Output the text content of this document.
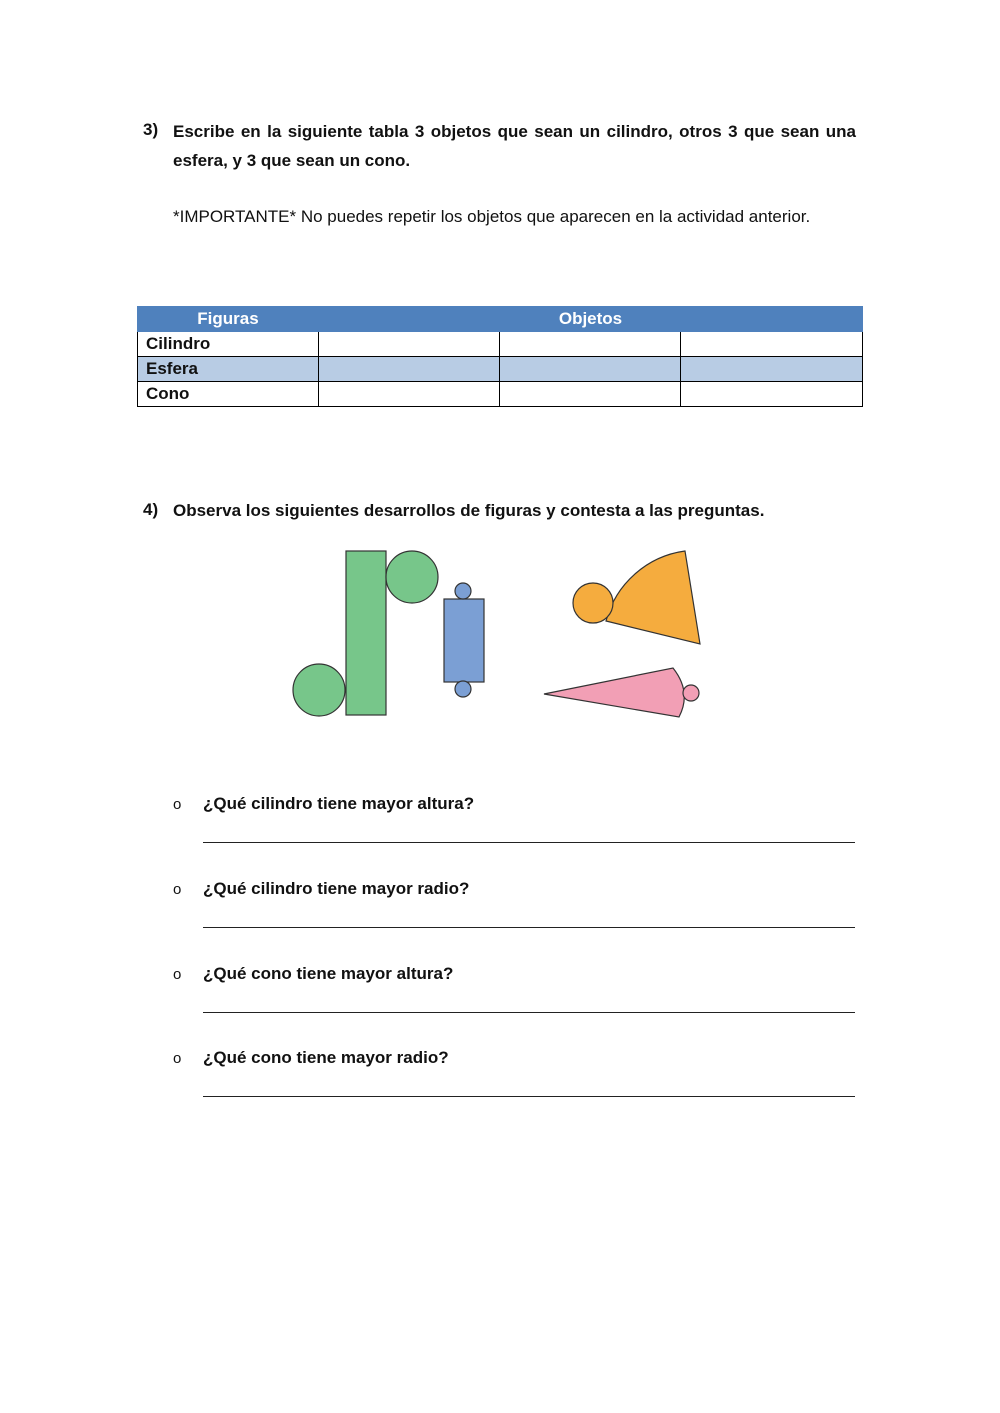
3) Escribe en la siguiente tabla 3 objetos que sean un cilindro, otros 3 que sean una esfera, y 3 que sean un cono.
*IMPORTANTE* No puedes repetir los objetos que aparecen en la actividad anterior.
Figuras	Objetos		
Cilindro			
Esfera			
Cono			
4) Observa los siguientes desarrollos de figuras y contesta a las preguntas.
o ¿Qué cilindro tiene mayor altura?
o ¿Qué cilindro tiene mayor radio?
o ¿Qué cono tiene mayor altura?
o ¿Qué cono tiene mayor radio?
